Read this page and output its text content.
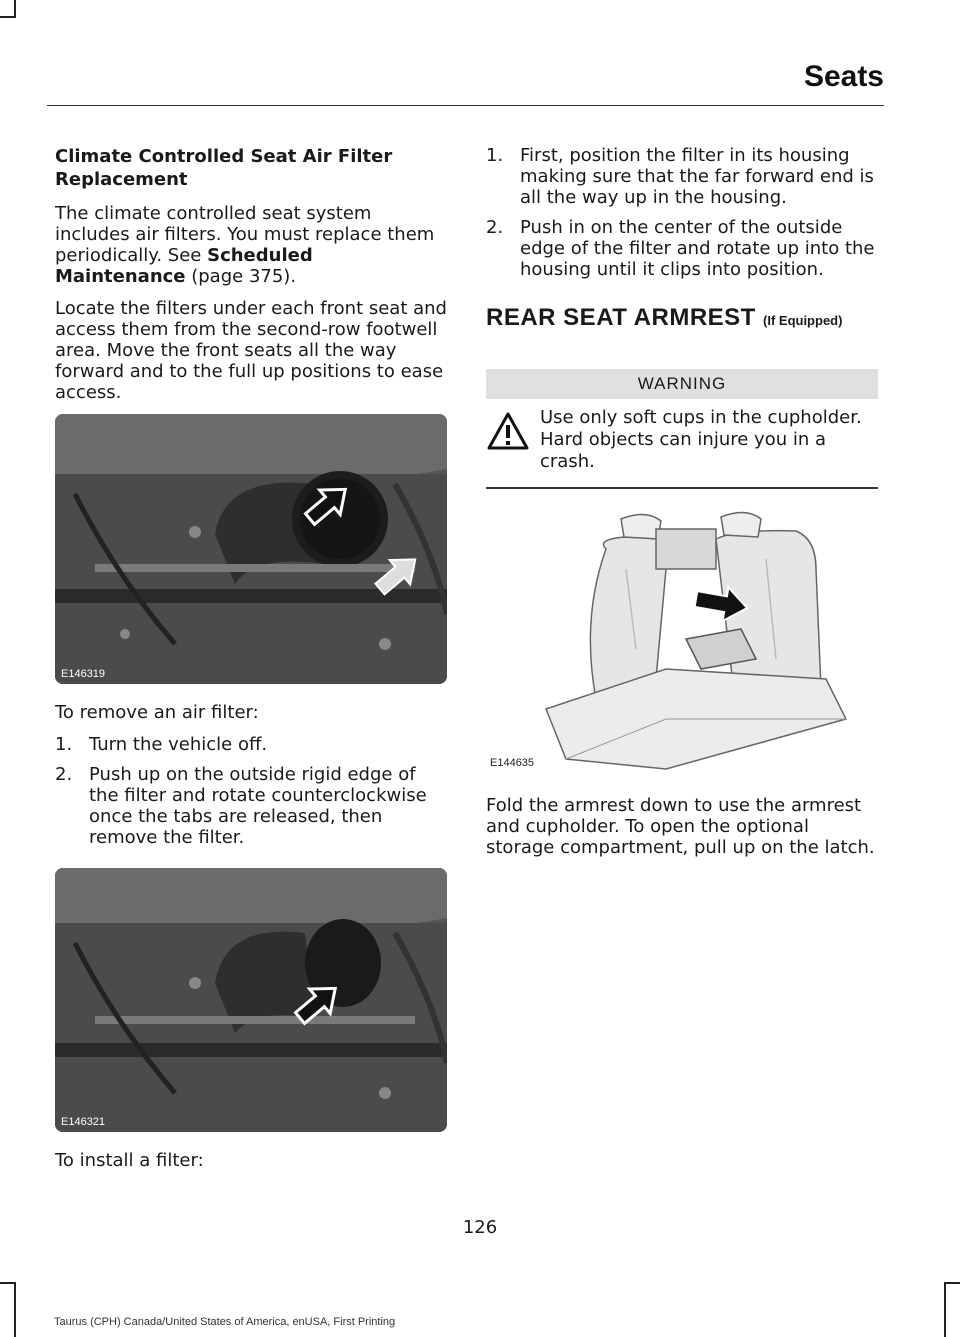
Seats
Climate Controlled Seat Air Filter Replacement

The climate controlled seat system includes air filters. You must replace them periodically. See Scheduled Maintenance (page 375).

Locate the filters under each front seat and access them from the second-row footwell area. Move the front seats all the way forward and to the full up positions to ease access.

E146319

To remove an air filter:

1. Turn the vehicle off.
2. Push up on the outside rigid edge of the filter and rotate counterclockwise once the tabs are released, then remove the filter.
E146321

To install a filter:

1. First, position the filter in its housing making sure that the far forward end is all the way up in the housing.
2. Push in on the center of the outside edge of the filter and rotate up into the housing until it clips into position.
REAR SEAT ARMREST (If Equipped)
WARNING
Use only soft cups in the cupholder. Hard objects can injure you in a crash.
E144635

Fold the armrest down to use the armrest and cupholder. To open the optional storage compartment, pull up on the latch.

126
Taurus (CPH) Canada/United States of America, enUSA, First Printing
